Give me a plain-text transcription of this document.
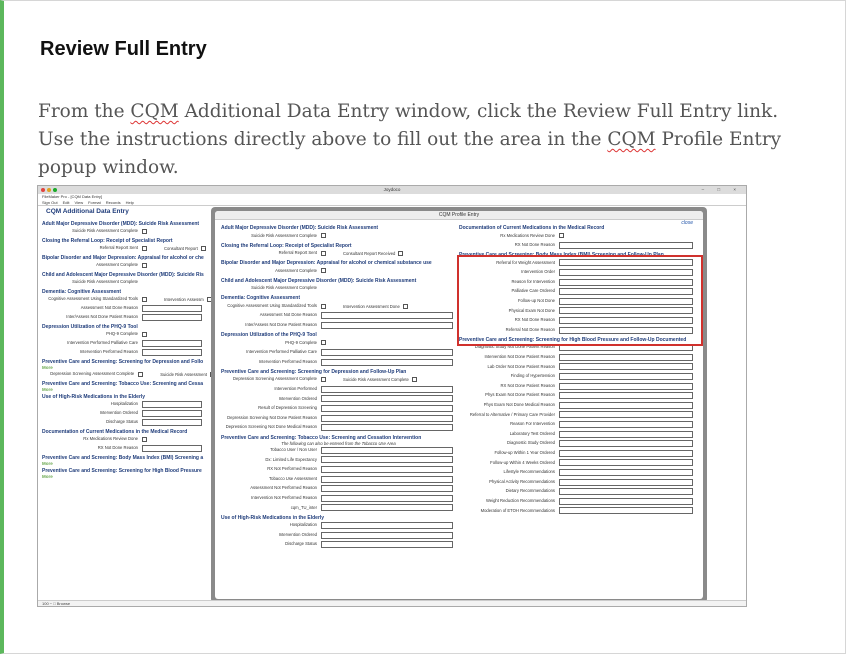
Review Full Entry

From the CQM Additional Data Entry window, click the Review Full Entry link. Use the instructions directly above to fill out the area in the CQM Profile Entry popup window.

Joydoco	– □ ×
FileMaker Pro - [CQM Data Entry]
Sign Out Edit View Format Records Help
CQM Additional Data Entry
Adult Major Depressive Disorder (MDD): Suicide Risk Assessment
Suicide Risk Assessment Complete
Closing the Referral Loop: Receipt of Specialist Report
Referral Report Sent	Consultant Report
Bipolar Disorder and Major Depression: Appraisal for alcohol or che
Assessment Complete
Child and Adolescent Major Depressive Disorder (MDD): Suicide Ris
Suicide Risk Assessment Complete
Dementia: Cognitive Assessment
Cognitive Assessment Using Standardized Tools	Intervention Assessm
Assessment Not Done Reason
Inter/Assess Not Done Patient Reason
Depression Utilization of the PHQ-9 Tool
PHQ-9 Complete
Intervention Performed Palliative Care
Intervention Performed Reason
Preventive Care and Screening: Screening for Depression and Follo
More
Depression Screening Assessment Complete	Suicide Risk Assessment
Preventive Care and Screening: Tobacco Use: Screening and Cessa
More
Use of High-Risk Medications in the Elderly
Hospitalization
Intervention Ordered
Discharge Status
Documentation of Current Medications in the Medical Record
Rx Medications Review Done
RX Not Done Reason
Preventive Care and Screening: Body Mass Index (BMI) Screening a
More
Preventive Care and Screening: Screening for High Blood Pressure
More
CQM Profile Entry
close
Adult Major Depressive Disorder (MDD): Suicide Risk Assessment
Suicide Risk Assessment Complete
Closing the Referral Loop: Receipt of Specialist Report
Referral Report Sent	Consultant Report Received
Bipolar Disorder and Major Depression: Appraisal for alcohol or chemical substance use
Assessment Complete
Child and Adolescent Major Depressive Disorder (MDD): Suicide Risk Assessment
Suicide Risk Assessment Complete
Dementia: Cognitive Assessment
Cognitive Assessment Using Standardized Tools	Intervention Assessment Done
Assessment Not Done Reason
Inter/Assess Not Done Patient Reason
Depression Utilization of the PHQ-9 Tool
PHQ-9 Complete
Intervention Performed Palliative Care
Intervention Performed Reason
Preventive Care and Screening: Screening for Depression and Follow-Up Plan
Depression Screening Assessment Complete	Suicide Risk Assessment Complete
Intervention Performed
Intervention Ordered
Result of Depression Screening
Depression Screening Not Done Patient Reason
Depression Screening Not Done Medical Reason
Preventive Care and Screening: Tobacco Use: Screening and Cessation Intervention
The following can also be entered from the Tobacco Use Area
Tobacco User / Non User
Dx: Limited Life Expectancy
RX Not Performed Reason
Tobacco Use Assessment
Assessment Not Performed Reason
Intervention Not Performed Reason
cqm_TU_inter
Use of High-Risk Medications in the Elderly
Hospitalization
Intervention Ordered
Discharge Status
Documentation of Current Medications in the Medical Record
Rx Medications Review Done
RX Not Done Reason
Preventive Care and Screening: Body Mass Index (BMI) Screening and Follow-Up Plan
Referral for Weight Assessment
Intervention Order
Reason for Intervention
Palliative Care Ordered
Follow-up Not Done
Physical Exam Not Done
RX Not Done Reason
Referral Not Done Reason
Preventive Care and Screening: Screening for High Blood Pressure and Follow-Up Documented
Diagnostic Study Not Done Patient Reason
Intervention Not Done Patient Reason
Lab Order Not Done Patient Reason
Finding of Hypertension
RX Not Done Patient Reason
Phys Exam Not Done Patient Reason
Phys Exam Not Done Medical Reason
Referral to Alternative / Primary Care Provider
Reason For Intervention
Laboratory Test Ordered
Diagnostic Study Ordered
Follow-up Within 1 Year Ordered
Follow-up Within 4 Weeks Ordered
Lifestyle Recommendations
Physical Activity Recommendations
Dietary Recommendations
Weight Reduction Recommendations
Moderation of ETOH Recommendations
100 − □ Browse
